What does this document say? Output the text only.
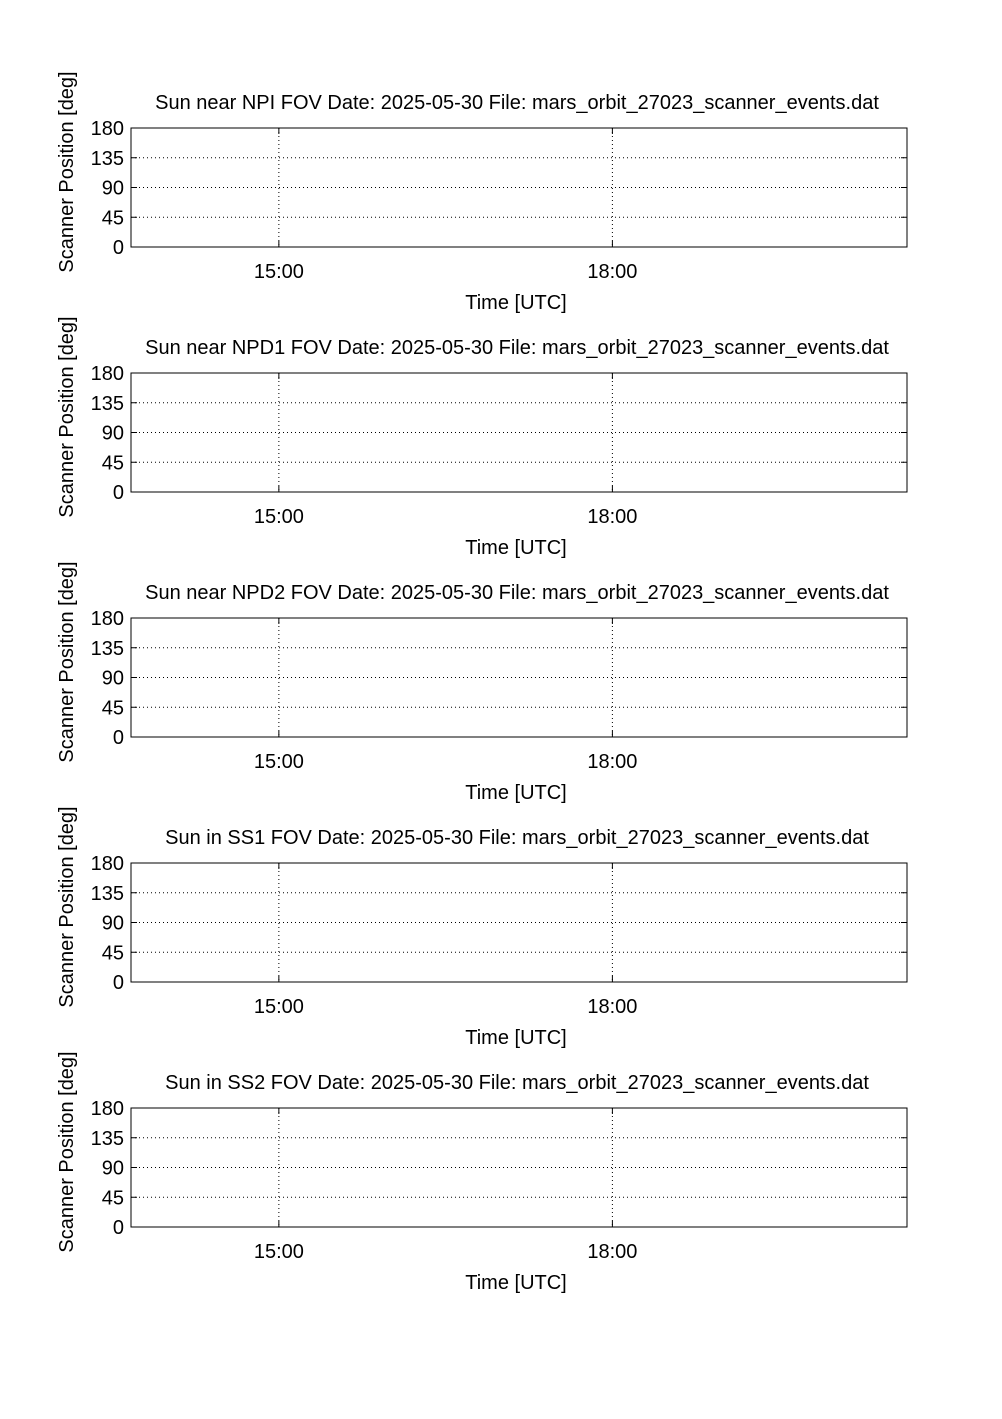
0
45
90
135
180
15:00	18:00
Sun near NPI FOV Date: 2025-05-30 File: mars_orbit_27023_scanner_events.dat
Time [UTC]
Scanner Position [deg]
0
45
90
135
180
15:00	18:00
Sun near NPD1 FOV Date: 2025-05-30 File: mars_orbit_27023_scanner_events.dat
Time [UTC]
Scanner Position [deg]
0
45
90
135
180
15:00	18:00
Sun near NPD2 FOV Date: 2025-05-30 File: mars_orbit_27023_scanner_events.dat
Time [UTC]
Scanner Position [deg]
0
45
90
135
180
15:00	18:00
Sun in SS1 FOV Date: 2025-05-30 File: mars_orbit_27023_scanner_events.dat
Time [UTC]
Scanner Position [deg]
0
45
90
135
180
15:00	18:00
Sun in SS2 FOV Date: 2025-05-30 File: mars_orbit_27023_scanner_events.dat
Time [UTC]
Scanner Position [deg]
